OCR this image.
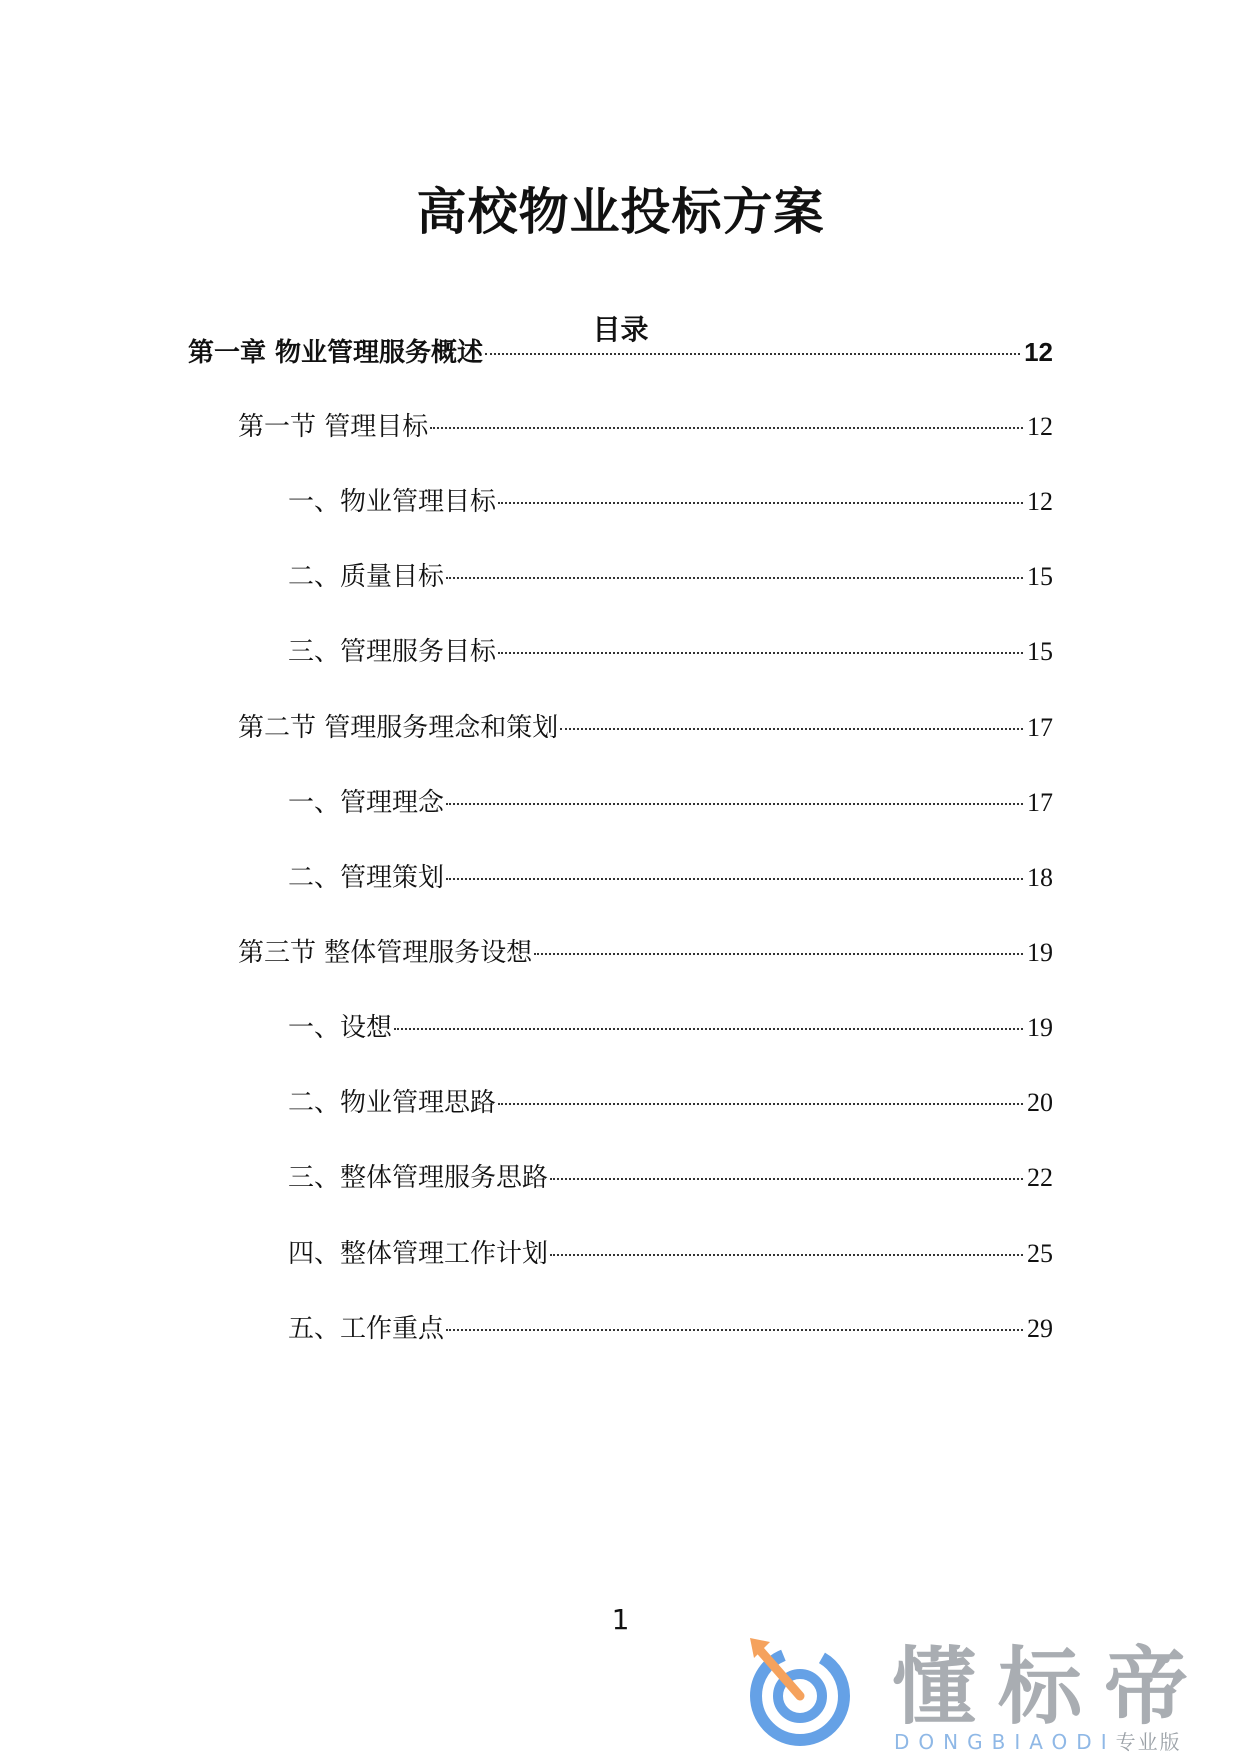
高校物业投标方案
目录
第一章 物业管理服务概述	12
第一节 管理目标	12
一、物业管理目标	12
二、质量目标	15
三、管理服务目标	15
第二节 管理服务理念和策划	17
一、管理理念	17
二、管理策划	18
第三节 整体管理服务设想	19
一、设想	19
二、物业管理思路	20
三、整体管理服务思路	22
四、整体管理工作计划	25
五、工作重点	29
1
懂标帝
DONGBIAODI专业版
